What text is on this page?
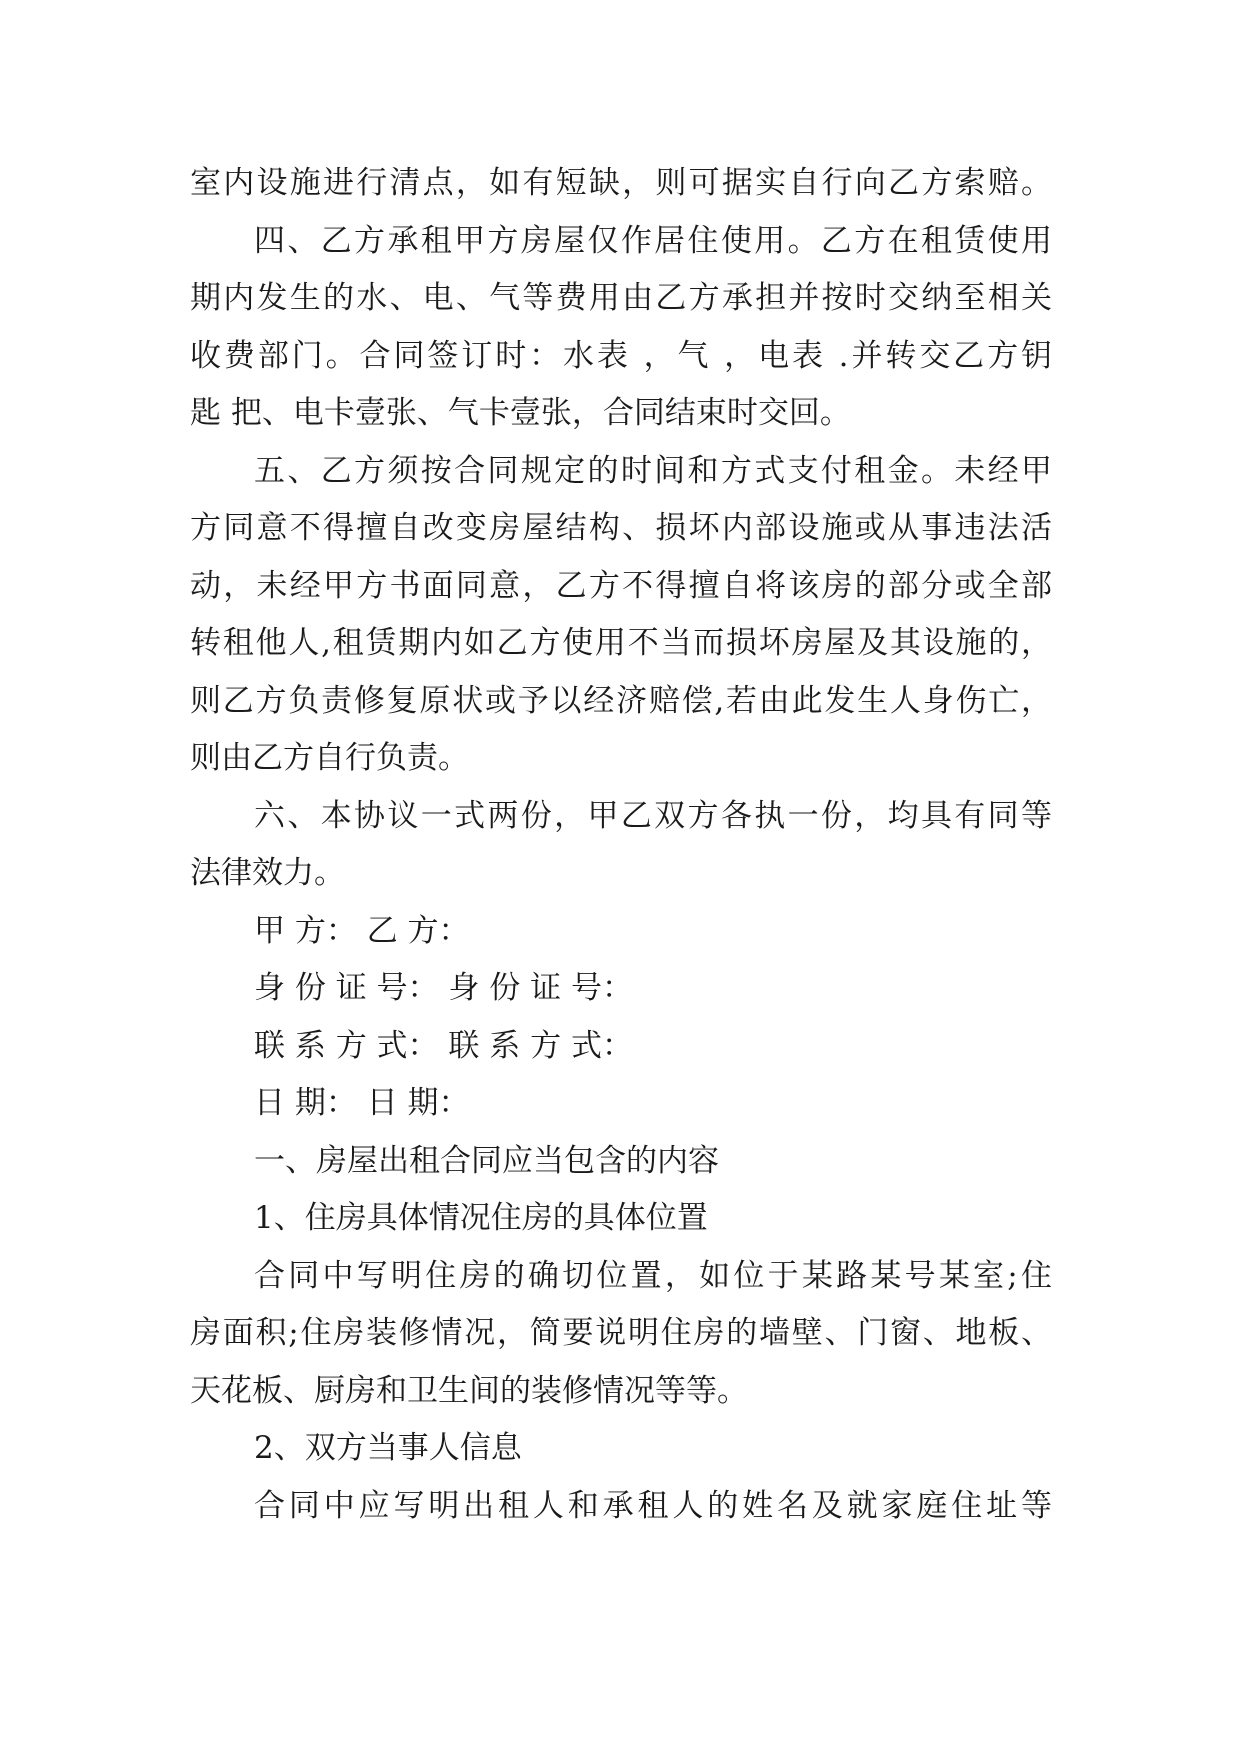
室内设施进行清点，如有短缺，则可据实自行向乙方索赔。
四、乙方承租甲方房屋仅作居住使用。乙方在租赁使用
期内发生的水、电、气等费用由乙方承担并按时交纳至相关
收费部门。合同签订时：水表 ，气 ，电表 .并转交乙方钥
匙 把、电卡壹张、气卡壹张，合同结束时交回。
五、乙方须按合同规定的时间和方式支付租金。未经甲
方同意不得擅自改变房屋结构、损坏内部设施或从事违法活
动，未经甲方书面同意，乙方不得擅自将该房的部分或全部
转租他人,租赁期内如乙方使用不当而损坏房屋及其设施的，
则乙方负责修复原状或予以经济赔偿,若由此发生人身伤亡，
则由乙方自行负责。
六、本协议一式两份，甲乙双方各执一份，均具有同等
法律效力。
甲 方： 乙 方：
身 份 证 号： 身 份 证 号：
联 系 方 式： 联 系 方 式：
日 期： 日 期：
一、房屋出租合同应当包含的内容
1、住房具体情况住房的具体位置
合同中写明住房的确切位置，如位于某路某号某室;住
房面积;住房装修情况，简要说明住房的墙壁、门窗、地板、
天花板、厨房和卫生间的装修情况等等。
2、双方当事人信息
合同中应写明出租人和承租人的姓名及就家庭住址等
